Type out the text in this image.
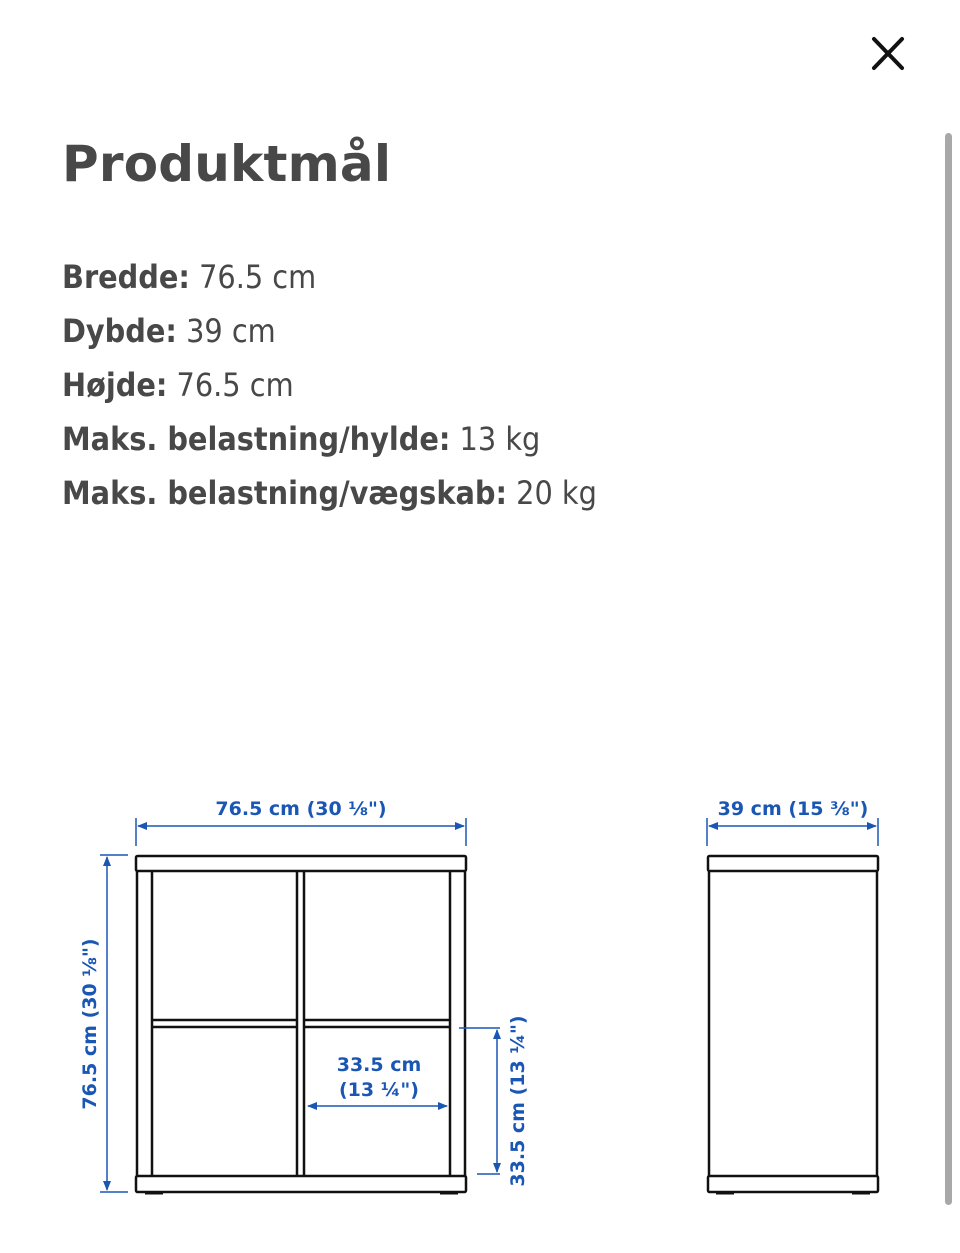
Produktmål
Bredde: 76.5 cm
Dybde: 39 cm
Højde: 76.5 cm
Maks. belastning/hylde: 13 kg
Maks. belastning/vægskab: 20 kg
76.5 cm (30 ⅛")
76.5 cm (30 ⅛")	33.5 cm
(13 ¼")	33.5 cm (13 ¼")
39 cm (15 ⅜")
